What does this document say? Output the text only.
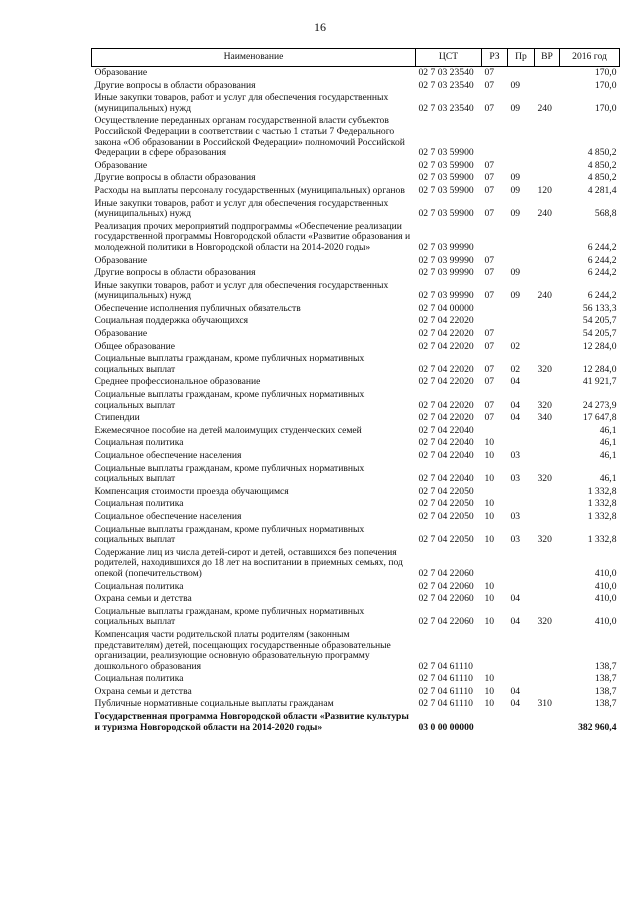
16
Наименование	ЦСТ	РЗ	Пр	ВР	2016 год
Образование	02 7 03 23540	07			170,0
Другие вопросы в области образования	02 7 03 23540	07	09		170,0
Иные закупки товаров, работ и услуг для обеспечения государственных (муниципальных) нужд	02 7 03 23540	07	09	240	170,0
Осуществление переданных органам государственной власти субъектов Российской Федерации в соответствии с частью 1 статьи 7 Федерального закона «Об образовании в Российской Федерации» полномочий Российской Федерации в сфере образования	02 7 03 59900				4 850,2
Образование	02 7 03 59900	07			4 850,2
Другие вопросы в области образования	02 7 03 59900	07	09		4 850,2
Расходы на выплаты персоналу государственных (муниципальных) органов	02 7 03 59900	07	09	120	4 281,4
Иные закупки товаров, работ и услуг для обеспечения государственных (муниципальных) нужд	02 7 03 59900	07	09	240	568,8
Реализация прочих мероприятий подпрограммы «Обеспечение реализации государственной программы Новгородской области «Развитие образования и молодежной политики в Новгородской области на 2014-2020 годы»	02 7 03 99990				6 244,2
Образование	02 7 03 99990	07			6 244,2
Другие вопросы в области образования	02 7 03 99990	07	09		6 244,2
Иные закупки товаров, работ и услуг для обеспечения государственных (муниципальных) нужд	02 7 03 99990	07	09	240	6 244,2
Обеспечение исполнения публичных обязательств	02 7 04 00000				56 133,3
Социальная поддержка обучающихся	02 7 04 22020				54 205,7
Образование	02 7 04 22020	07			54 205,7
Общее образование	02 7 04 22020	07	02		12 284,0
Социальные выплаты гражданам, кроме публичных нормативных социальных выплат	02 7 04 22020	07	02	320	12 284,0
Среднее профессиональное образование	02 7 04 22020	07	04		41 921,7
Социальные выплаты гражданам, кроме публичных нормативных социальных выплат	02 7 04 22020	07	04	320	24 273,9
Стипендии	02 7 04 22020	07	04	340	17 647,8
Ежемесячное пособие на детей малоимущих студенческих семей	02 7 04 22040				46,1
Социальная политика	02 7 04 22040	10			46,1
Социальное обеспечение населения	02 7 04 22040	10	03		46,1
Социальные выплаты гражданам, кроме публичных нормативных социальных выплат	02 7 04 22040	10	03	320	46,1
Компенсация стоимости проезда обучающимся	02 7 04 22050				1 332,8
Социальная политика	02 7 04 22050	10			1 332,8
Социальное обеспечение населения	02 7 04 22050	10	03		1 332,8
Социальные выплаты гражданам, кроме публичных нормативных социальных выплат	02 7 04 22050	10	03	320	1 332,8
Содержание лиц из числа детей-сирот и детей, оставшихся без попечения родителей, находившихся до 18 лет на воспитании в приемных семьях, под опекой (попечительством)	02 7 04 22060				410,0
Социальная политика	02 7 04 22060	10			410,0
Охрана семьи и детства	02 7 04 22060	10	04		410,0
Социальные выплаты гражданам, кроме публичных нормативных социальных выплат	02 7 04 22060	10	04	320	410,0
Компенсация части родительской платы родителям (законным представителям) детей, посещающих государственные образовательные организации, реализующие основную образовательную программу дошкольного образования	02 7 04 61110				138,7
Социальная политика	02 7 04 61110	10			138,7
Охрана семьи и детства	02 7 04 61110	10	04		138,7
Публичные нормативные социальные выплаты гражданам	02 7 04 61110	10	04	310	138,7
Государственная программа Новгородской области «Развитие культуры и туризма Новгородской области на 2014-2020 годы»	03 0 00 00000				382 960,4
